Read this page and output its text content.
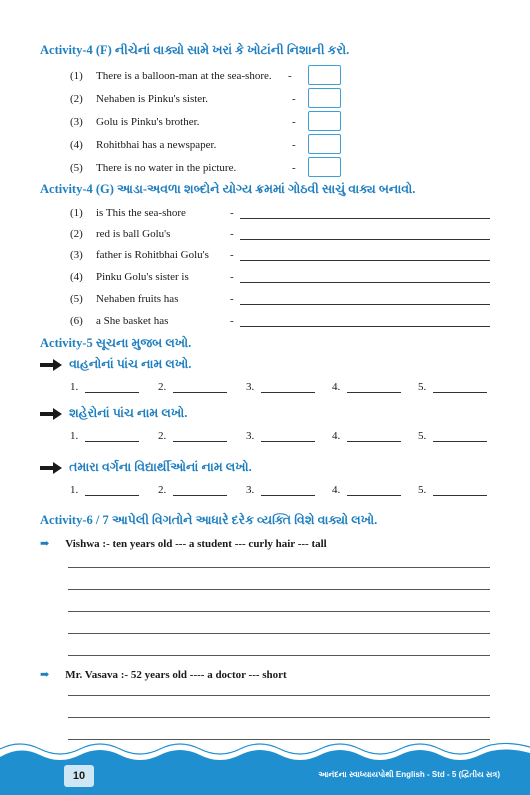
Activity-4 (F) નીચેનાં વાક્યો સામે ખરાં કે ખોટાંની નિશાની કરો.
(1) There is a balloon-man at the sea-shore. -
(2) Nehaben is Pinku's sister.	-
(3) Golu is Pinku's brother.	-
(4) Rohitbhai has a newspaper.	-
(5) There is no water in the picture.	-
Activity-4 (G) આડા-અવળા શબ્દોને યોગ્ય ક્રમમાં ગોઠવી સાચું વાક્ય બનાવો.
(1) is This the sea-shore	-
(2) red is ball Golu's	-
(3) father is Rohitbhai Golu's -
(4) Pinku Golu's sister is	-
(5) Nehaben fruits has	-
(6) a She basket has	-
Activity-5 સૂચના મુજબ લખો.
વાહનોનાં પાંચ નામ લખો.
1.	2.	3.	4.	5.
શહેરોનાં પાંચ નામ લખો.
1.	2.	3.	4.	5.
તમારા વર્ગના વિદ્યાર્થીઓનાં નામ લખો.
1.	2.	3.	4.	5.
Activity-6 / 7 આપેલી વિગતોને આધારે દરેક વ્યક્તિ વિશે વાક્યો લખો.
➡ Vishwa :- ten years old --- a student --- curly hair --- tall
➡ Mr. Vasava :- 52 years old ---- a doctor --- short
10	આનંદના સ્વાધ્યાયપોથી English - Std - 5 (દ્વિતીય સત્ર)
